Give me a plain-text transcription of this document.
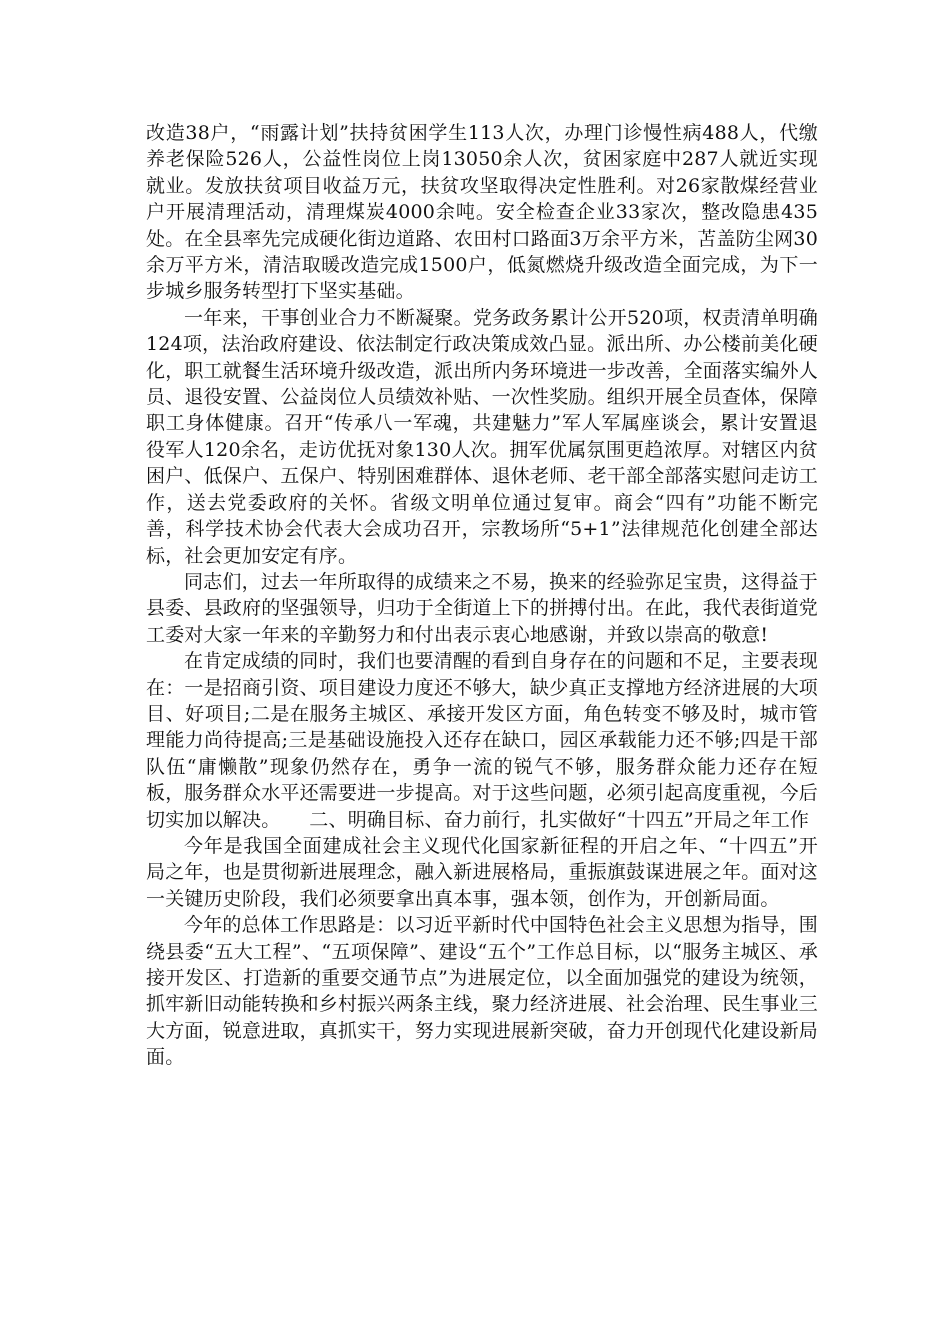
改造38户，“雨露计划”扶持贫困学生113人次，办理门诊慢性病488人，代缴养老保险526人，公益性岗位上岗13050余人次，贫困家庭中287人就近实现就业。发放扶贫项目收益万元，扶贫攻坚取得决定性胜利。对26家散煤经营业户开展清理活动，清理煤炭4000余吨。安全检查企业33家次，整改隐患435处。在全县率先完成硬化街边道路、农田村口路面3万余平方米，苫盖防尘网30余万平方米，清洁取暖改造完成1500户，低氮燃烧升级改造全面完成，为下一步城乡服务转型打下坚实基础。

一年来，干事创业合力不断凝聚。党务政务累计公开520项，权责清单明确124项，法治政府建设、依法制定行政决策成效凸显。派出所、办公楼前美化硬化，职工就餐生活环境升级改造，派出所内务环境进一步改善，全面落实编外人员、退役安置、公益岗位人员绩效补贴、一次性奖励。组织开展全员查体，保障职工身体健康。召开“传承八一军魂，共建魅力”军人军属座谈会，累计安置退役军人120余名，走访优抚对象130人次。拥军优属氛围更趋浓厚。对辖区内贫困户、低保户、五保户、特别困难群体、退休老师、老干部全部落实慰问走访工作，送去党委政府的关怀。省级文明单位通过复审。商会“四有”功能不断完善，科学技术协会代表大会成功召开，宗教场所“5+1”法律规范化创建全部达标，社会更加安定有序。

同志们，过去一年所取得的成绩来之不易，换来的经验弥足宝贵，这得益于县委、县政府的坚强领导，归功于全街道上下的拼搏付出。在此，我代表街道党工委对大家一年来的辛勤努力和付出表示衷心地感谢，并致以崇高的敬意!

在肯定成绩的同时，我们也要清醒的看到自身存在的问题和不足，主要表现在：一是招商引资、项目建设力度还不够大，缺少真正支撑地方经济进展的大项目、好项目;二是在服务主城区、承接开发区方面，角色转变不够及时，城市管理能力尚待提高;三是基础设施投入还存在缺口，园区承载能力还不够;四是干部队伍“庸懒散”现象仍然存在，勇争一流的锐气不够，服务群众能力还存在短板，服务群众水平还需要进一步提高。对于这些问题，必须引起高度重视，今后切实加以解决。　　二、明确目标、奋力前行，扎实做好“十四五”开局之年工作

今年是我国全面建成社会主义现代化国家新征程的开启之年、“十四五”开局之年，也是贯彻新进展理念，融入新进展格局，重振旗鼓谋进展之年。面对这一关键历史阶段，我们必须要拿出真本事，强本领，创作为，开创新局面。

今年的总体工作思路是：以习近平新时代中国特色社会主义思想为指导，围绕县委“五大工程”、“五项保障”、建设“五个”工作总目标，以“服务主城区、承接开发区、打造新的重要交通节点”为进展定位，以全面加强党的建设为统领，抓牢新旧动能转换和乡村振兴两条主线，聚力经济进展、社会治理、民生事业三大方面，锐意进取，真抓实干，努力实现进展新突破，奋力开创现代化建设新局面。
